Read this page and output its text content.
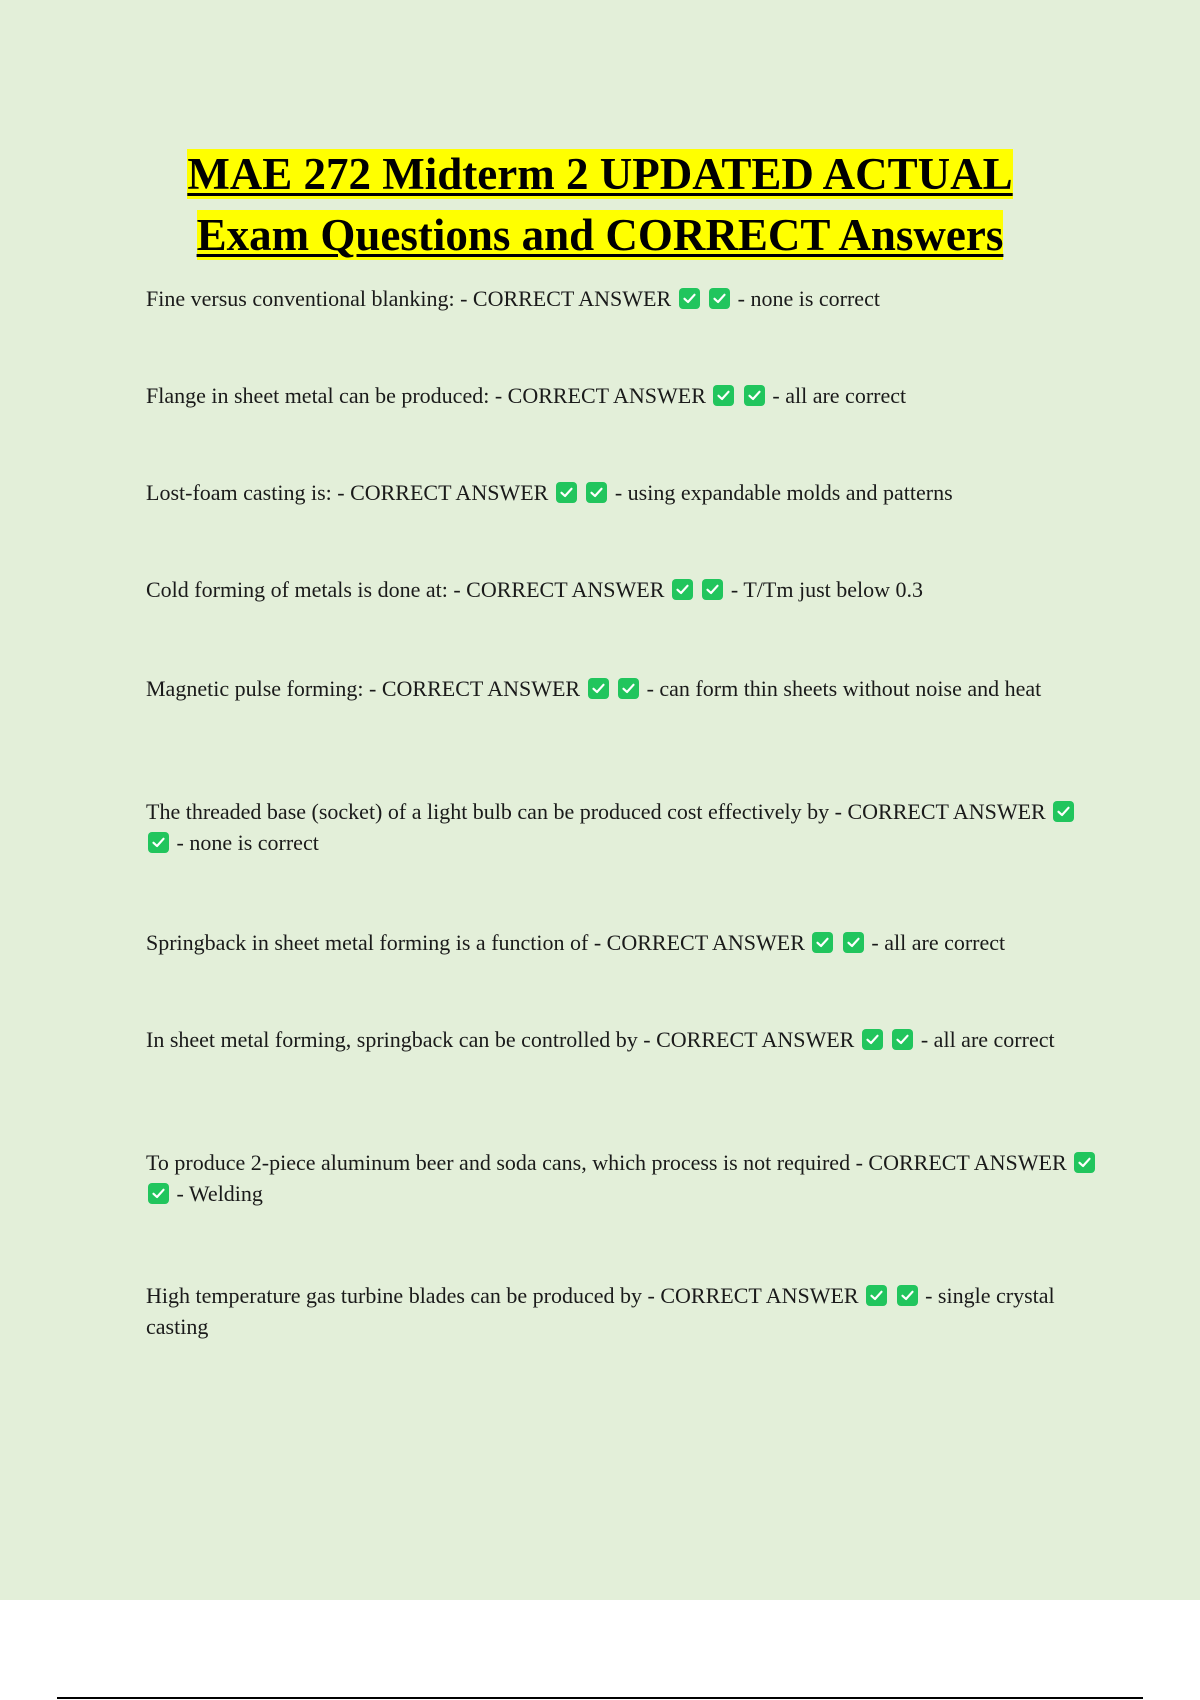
MAE 272 Midterm 2 UPDATED ACTUAL
Exam Questions and CORRECT Answers
Fine versus conventional blanking: - CORRECT ANSWER
	- none is correct
Flange in sheet metal can be produced: - CORRECT ANSWER
	- all are correct
Lost-foam casting is: - CORRECT ANSWER
	- using expandable molds and patterns
Cold forming of metals is done at: - CORRECT ANSWER
	- T/Tm just below 0.3
Magnetic pulse forming: - CORRECT ANSWER
	- can form thin sheets without noise and heat
The threaded base (socket) of a light bulb can be produced cost effectively by - CORRECT ANSWER

- none is correct
Springback in sheet metal forming is a function of - CORRECT ANSWER
	- all are correct
In sheet metal forming, springback can be controlled by - CORRECT ANSWER
	- all are correct
To produce 2-piece aluminum beer and soda cans, which process is not required - CORRECT ANSWER

- Welding
High temperature gas turbine blades can be produced by - CORRECT ANSWER
	- single crystal casting
